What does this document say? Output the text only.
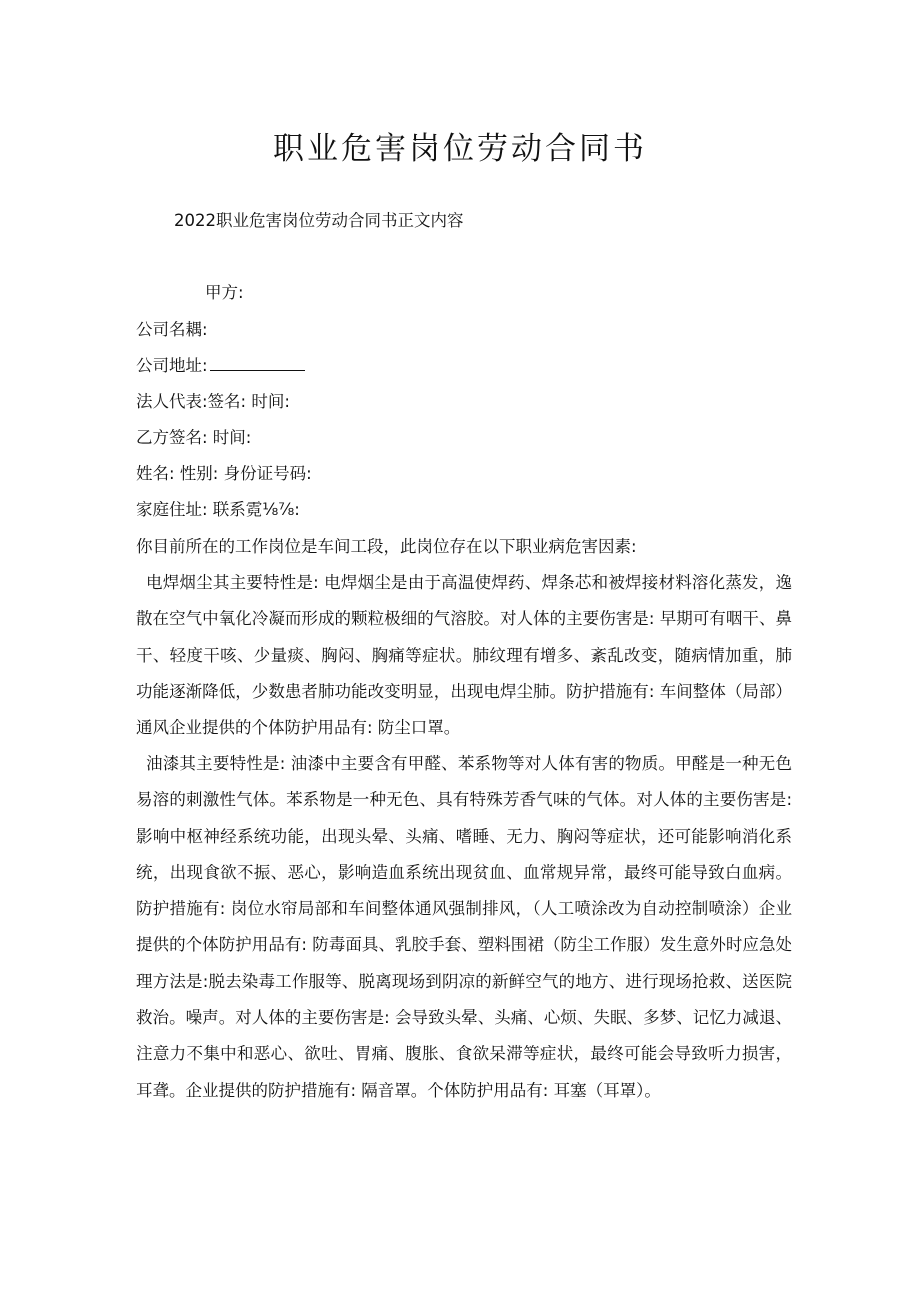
职业危害岗位劳动合同书

2022职业危害岗位劳动合同书正文内容

甲方:

公司名耦:

公司地址:

法人代表:签名: 时间:

乙方签名: 时间:

姓名: 性别: 身份证号码:

家庭住址: 联系霓⅛⅞:

你目前所在的工作岗位是车间工段，此岗位存在以下职业病危害因素:

电焊烟尘其主要特性是: 电焊烟尘是由于高温使焊药、焊条芯和被焊接材料溶化蒸发，逸散在空气中氧化冷凝而形成的颗粒极细的气溶胶。对人体的主要伤害是: 早期可有咽干、鼻干、轻度干咳、少量痰、胸闷、胸痛等症状。肺纹理有增多、紊乱改变，随病情加重，肺功能逐渐降低，少数患者肺功能改变明显，出现电焊尘肺。防护措施有: 车间整体（局部）通风企业提供的个体防护用品有: 防尘口罩。

油漆其主要特性是: 油漆中主要含有甲醛、苯系物等对人体有害的物质。甲醛是一种无色易溶的刺激性气体。苯系物是一种无色、具有特殊芳香气味的气体。对人体的主要伤害是: 影响中枢神经系统功能，出现头晕、头痛、嗜睡、无力、胸闷等症状，还可能影响消化系统，出现食欲不振、恶心，影响造血系统出现贫血、血常规异常，最终可能导致白血病。防护措施有: 岗位水帘局部和车间整体通风强制排风，（人工喷涂改为自动控制喷涂）企业提供的个体防护用品有: 防毒面具、乳胶手套、塑料围裙（防尘工作服）发生意外时应急处理方法是:脱去染毒工作服等、脱离现场到阴凉的新鲜空气的地方、进行现场抢救、送医院救治。噪声。对人体的主要伤害是: 会导致头晕、头痛、心烦、失眠、多梦、记忆力减退、注意力不集中和恶心、欲吐、胃痛、腹胀、食欲呆滞等症状，最终可能会导致听力损害，耳聋。企业提供的防护措施有: 隔音罩。个体防护用品有: 耳塞（耳罩）。
